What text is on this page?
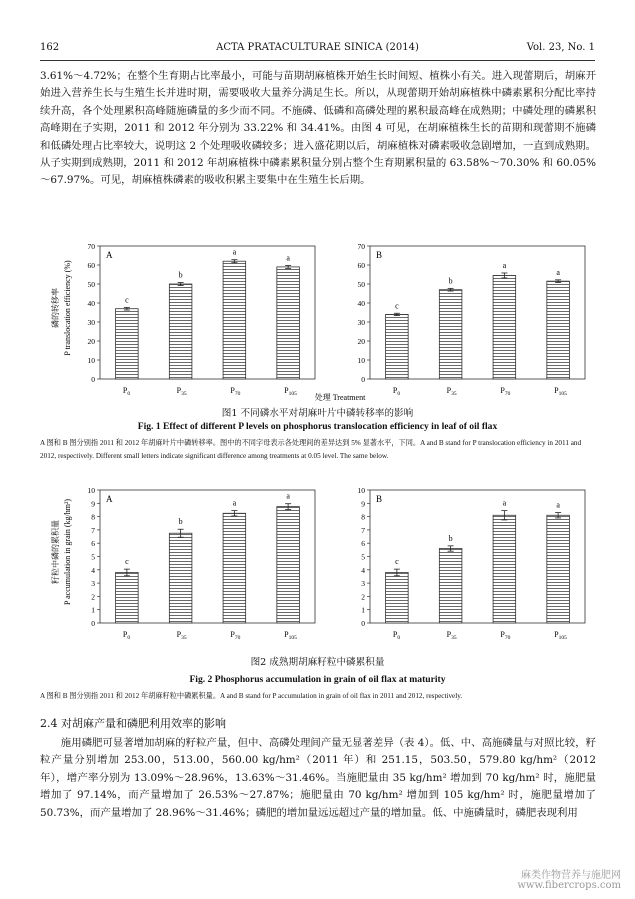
162	ACTA PRATACULTURAE SINICA (2014)	Vol. 23, No. 1

3.61%～4.72%；在整个生育期占比率最小，可能与苗期胡麻植株开始生长时间短、植株小有关。进入现蕾期后，胡麻开始进入营养生长与生殖生长并进时期，需要吸收大量养分满足生长。所以，从现蕾期开始胡麻植株中磷素累积分配比率持续升高，各个处理累积高峰随施磷量的多少而不同。不施磷、低磷和高磷处理的累积最高峰在成熟期；中磷处理的磷累积高峰期在子实期，2011 和 2012 年分别为 33.22% 和 34.41%。由图 4 可见，在胡麻植株生长的苗期和现蕾期不施磷和低磷处理占比率较大，说明这 2 个处理吸收磷较多；进入盛花期以后，胡麻植株对磷素吸收急剧增加，一直到成熟期。从子实期到成熟期，2011 和 2012 年胡麻植株中磷素累积量分别占整个生育期累积量的 63.58%～70.30% 和 60.05%～67.97%。可见，胡麻植株磷素的吸收积累主要集中在生殖生长后期。

磷的转移率 P translocation efficiency (%)
A
0
10
20
30
40
50
60
70
c
$P_0$
b
$P_{35}$
a
$P_{70}$
a
$P_{105}$
B
0
10
20
30
40
50
60
70
c
$P_0$
b
$P_{35}$
a
$P_{70}$
a
$P_{105}$
处理 Treatment
图1 不同磷水平对胡麻叶片中磷转移率的影响
Fig. 1 Effect of different P levels on phosphorus translocation efficiency in leaf of oil flax
A 图和 B 图分别指 2011 和 2012 年胡麻叶片中磷转移率。图中的不同字母表示各处理间的差异达到 5% 显著水平，下同。A and B stand for P translocation efficiency in 2011 and 2012, respectively. Different small letters indicate significant difference among treatments at 0.05 level. The same below.
籽粒中磷的累积量 P accumulation in grain (kg/hm²)	A
0
1
2
3
4
5
6
7
8
9
10
c
$P_0$
b
$P_{35}$
a
$P_{70}$
a
$P_{105}$
B
0
1
2
3
4
5
6
7
8
9
10
c
$P_0$
b
$P_{35}$
a
$P_{70}$
a
$P_{105}$
图2 成熟期胡麻籽粒中磷累积量
Fig. 2 Phosphorus accumulation in grain of oil flax at maturity
A 图和 B 图分别指 2011 和 2012 年胡麻籽粒中磷累积量。A and B stand for P accumulation in grain of oil flax in 2011 and 2012, respectively.
2.4 对胡麻产量和磷肥利用效率的影响

施用磷肥可显著增加胡麻的籽粒产量，但中、高磷处理间产量无显著差异（表 4）。低、中、高施磷量与对照比较，籽粒产量分别增加 253.00，513.00，560.00 kg/hm²（2011 年）和 251.15，503.50，579.80 kg/hm²（2012 年），增产率分别为 13.09%～28.96%，13.63%～31.46%。当施肥量由 35 kg/hm² 增加到 70 kg/hm² 时，施肥量增加了 97.14%，而产量增加了 26.53%～27.87%；施肥量由 70 kg/hm² 增加到 105 kg/hm² 时，施肥量增加了 50.73%，而产量增加了 28.96%～31.46%；磷肥的增加量远远超过产量的增加量。低、中施磷量时，磷肥表现利用

麻类作物营养与施肥网
www.fibercrops.com
